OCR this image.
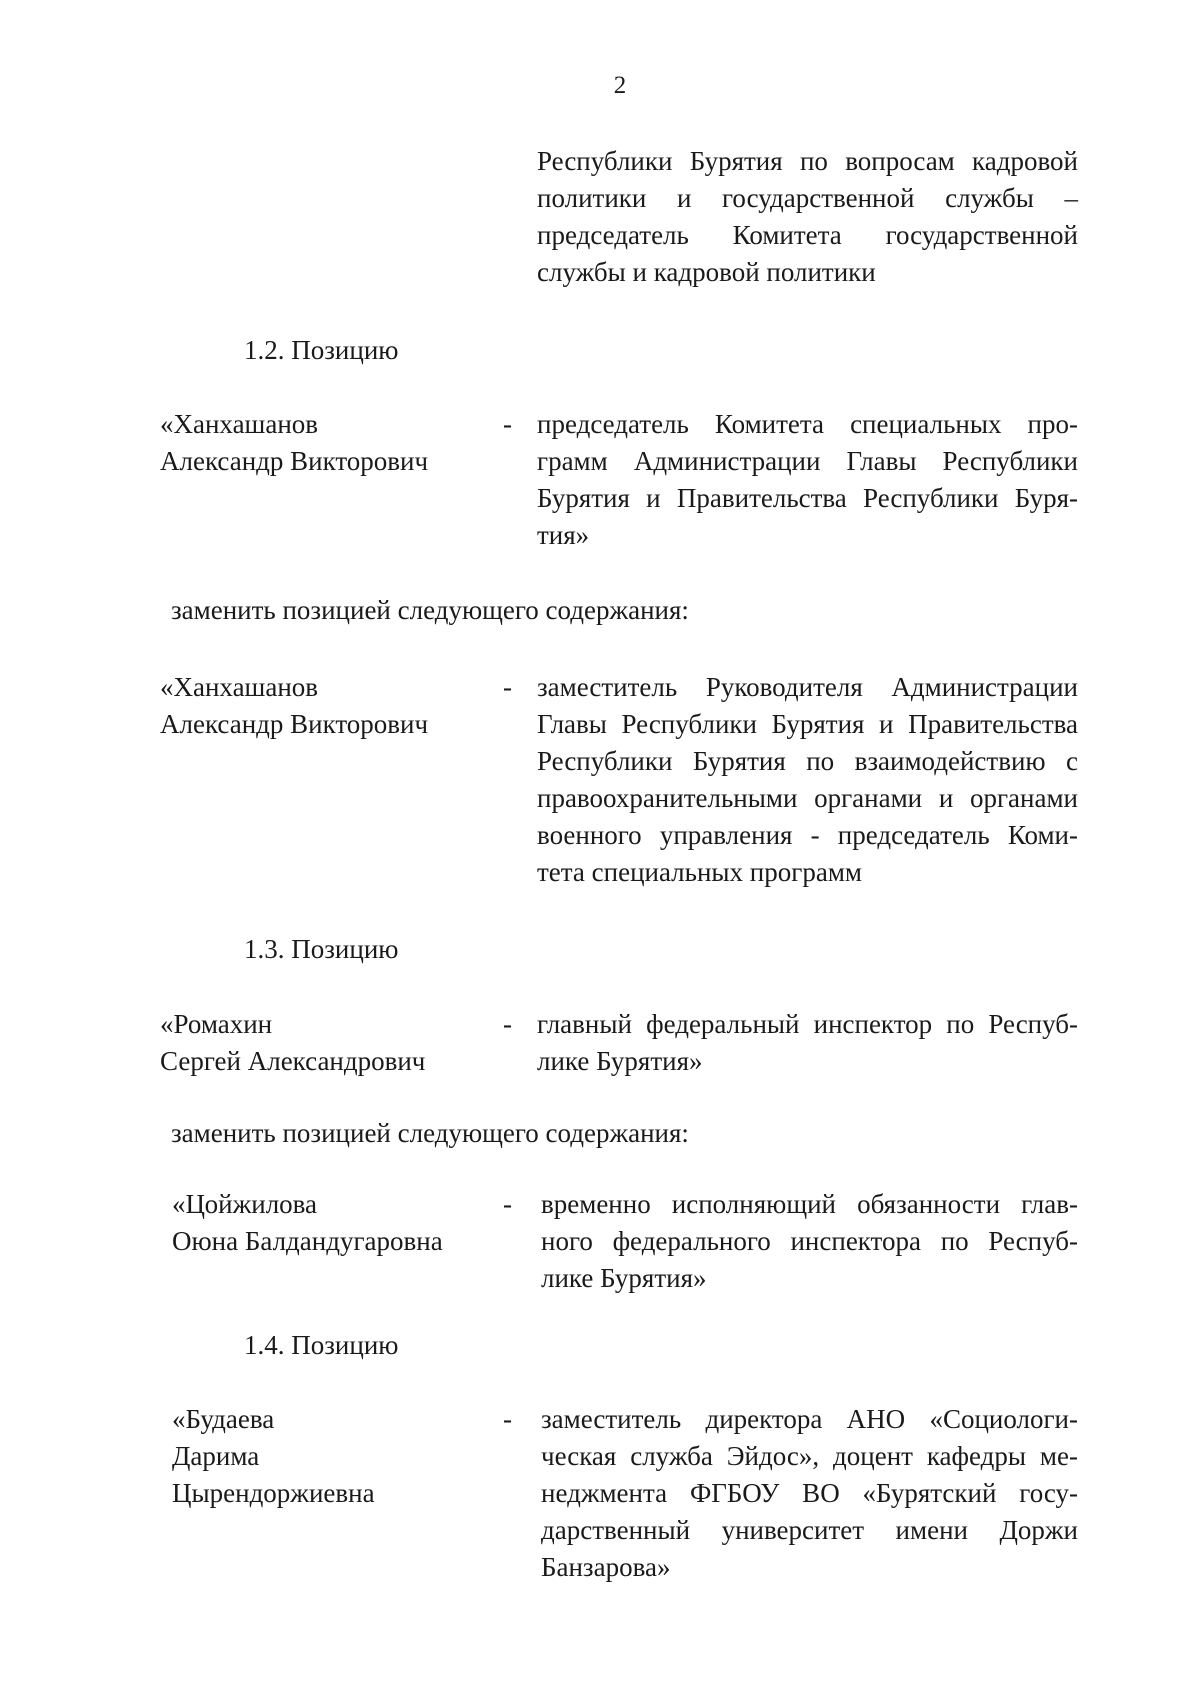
2
Республики Бурятия по вопросам кадровой политики и государственной службы – председатель Комитета государственной службы и кадровой политики
1.2. Позицию
«Ханхашанов
Александр Викторович
- председатель Комитета специальных про-грамм Администрации Главы Республики Бурятия и Правительства Республики Буря-тия»
заменить позицией следующего содержания:
«Ханхашанов
Александр Викторович
- заместитель Руководителя Администрации Главы Республики Бурятия и Правительства Республики Бурятия по взаимодействию с правоохранительными органами и органами военного управления - председатель Коми-тета специальных программ
1.3. Позицию
«Ромахин
Сергей Александрович
- главный федеральный инспектор по Респуб-лике Бурятия»
заменить позицией следующего содержания:
«Цойжилова
Оюна Балдандугаровна
- временно исполняющий обязанности глав-ного федерального инспектора по Респуб-лике Бурятия»
1.4. Позицию
«Будаева
Дарима
Цырендоржиевна
- заместитель директора АНО «Социологи-ческая служба Эйдос», доцент кафедры ме-неджмента ФГБОУ ВО «Бурятский госу-дарственный университет имени Доржи Банзарова»
